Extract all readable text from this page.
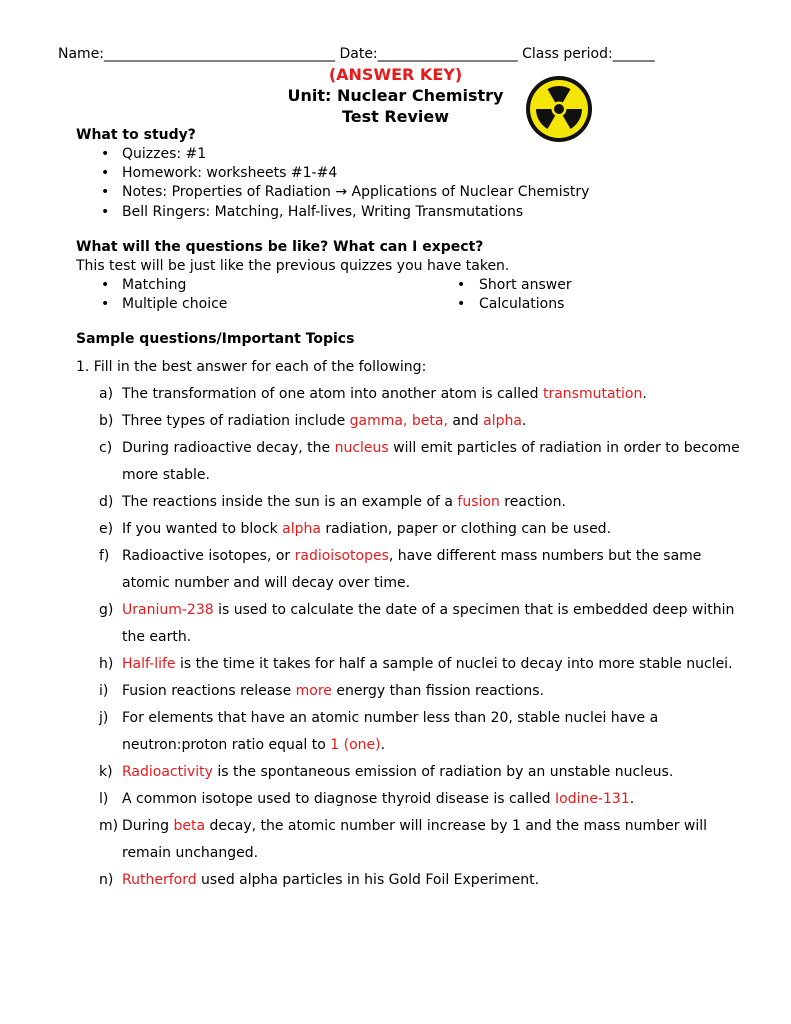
Name:_________________________________ Date:____________________ Class period:______
(ANSWER KEY)
Unit: Nuclear Chemistry
Test Review
What to study?
• Quizzes: #1
• Homework: worksheets #1-#4
• Notes: Properties of Radiation → Applications of Nuclear Chemistry
• Bell Ringers: Matching, Half-lives, Writing Transmutations
What will the questions be like? What can I expect?
This test will be just like the previous quizzes you have taken.
• Matching
• Multiple choice
• Short answer
• Calculations
Sample questions/Important Topics
1. Fill in the best answer for each of the following:
a) The transformation of one atom into another atom is called transmutation.
b) Three types of radiation include gamma, beta, and alpha.
c) During radioactive decay, the nucleus will emit particles of radiation in order to become
more stable.
d) The reactions inside the sun is an example of a fusion reaction.
e) If you wanted to block alpha radiation, paper or clothing can be used.
f) Radioactive isotopes, or radioisotopes, have different mass numbers but the same
atomic number and will decay over time.
g) Uranium-238 is used to calculate the date of a specimen that is embedded deep within
the earth.
h) Half-life is the time it takes for half a sample of nuclei to decay into more stable nuclei.
i) Fusion reactions release more energy than fission reactions.
j) For elements that have an atomic number less than 20, stable nuclei have a
neutron:proton ratio equal to 1 (one).
k) Radioactivity is the spontaneous emission of radiation by an unstable nucleus.
l) A common isotope used to diagnose thyroid disease is called Iodine-131.
m) During beta decay, the atomic number will increase by 1 and the mass number will
remain unchanged.
n) Rutherford used alpha particles in his Gold Foil Experiment.
